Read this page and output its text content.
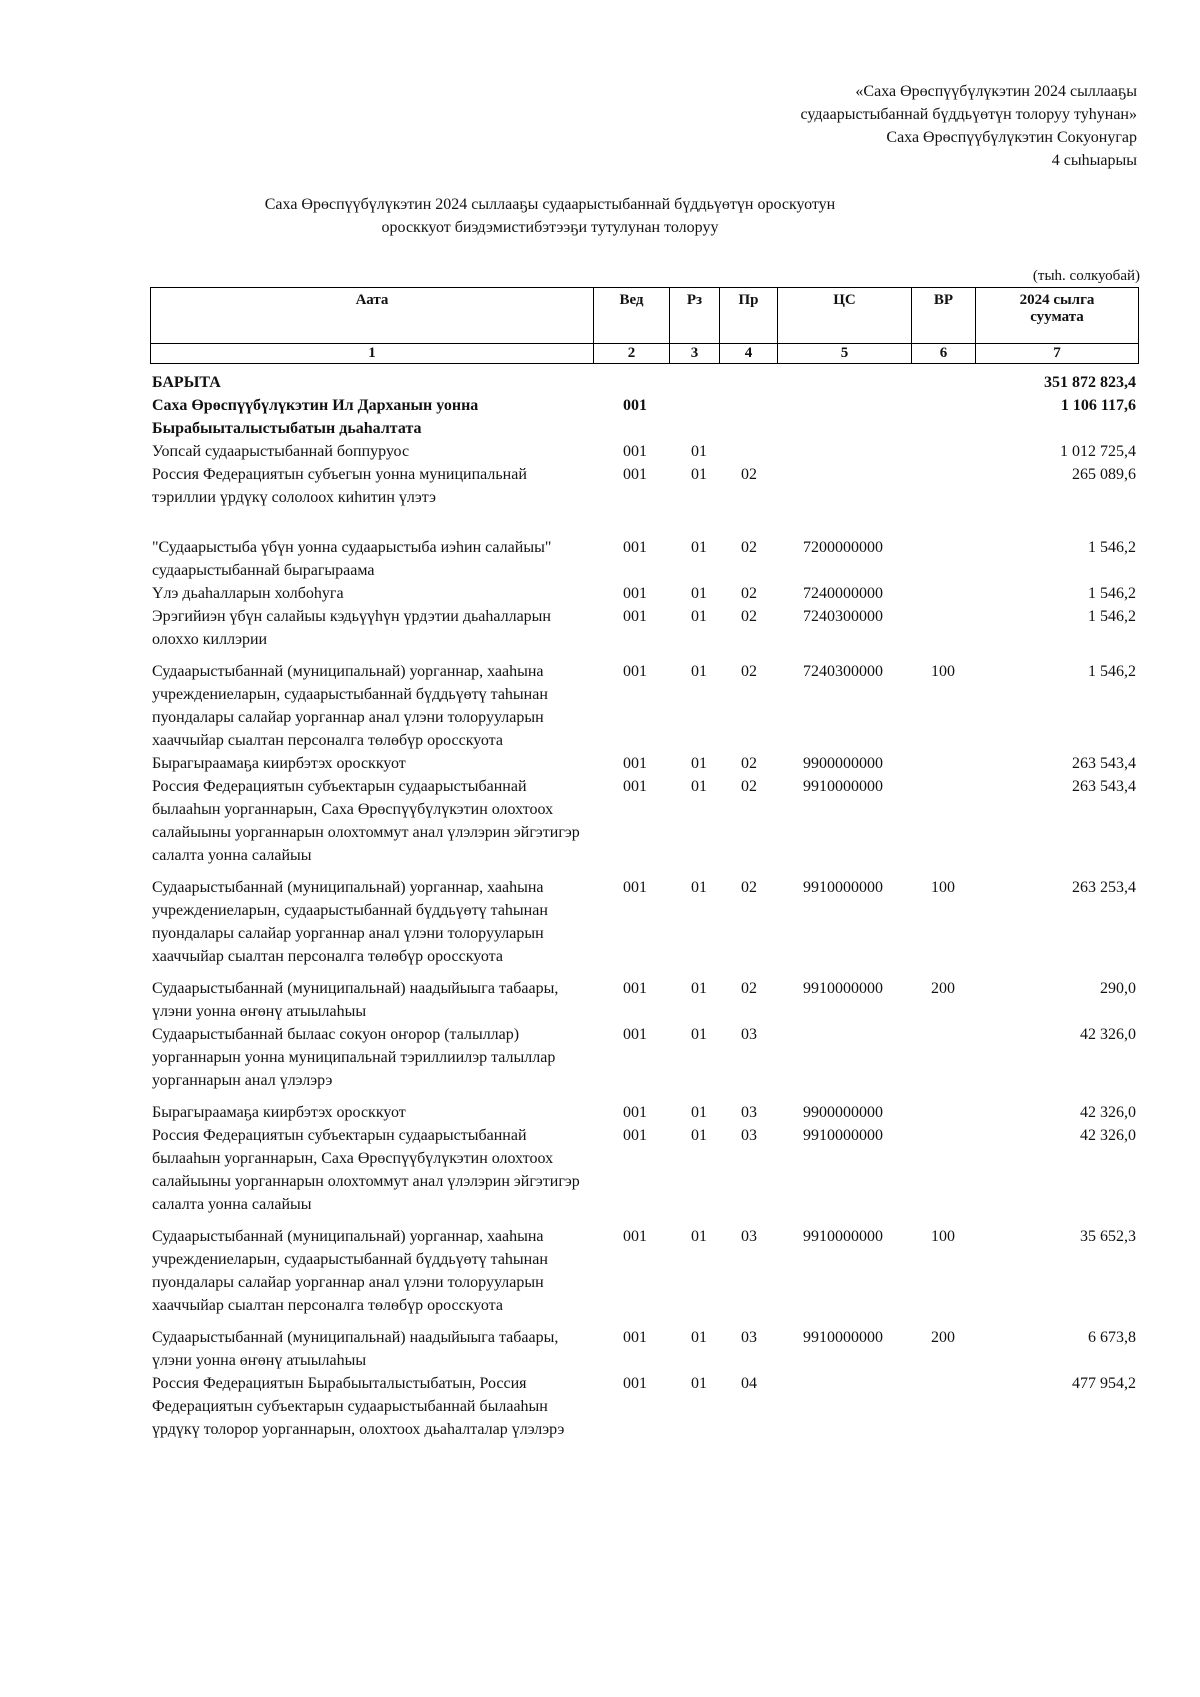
«Саха Өрөспүүбүлүкэтин 2024 сыллааҕы
судаарыстыбаннай бүддьүөтүн толоруу туһунан»
Саха Өрөспүүбүлүкэтин Сокуонугар
4 сыһыарыы
Саха Өрөспүүбүлүкэтин 2024 сыллааҕы судаарыстыбаннай бүддьүөтүн ороскуотун
оросккуот биэдэмистибэтээҕи тутулунан толоруу
(тыһ. солкуобай)
Аата	Вед	Рз	Пр	ЦС	ВР	2024 сылга
суумата

1	2	3	4	5	6	7
БАРЫТА						351 872 823,4
Саха Өрөспүүбүлүкэтин Ил Дарханын уонна Бырабыыталыстыбатын дьаһалтата	001					1 106 117,6
Уопсай судаарыстыбаннай боппуруос	001	01				1 012 725,4
Россия Федерациятын субъегын уонна муниципальнай тэриллии үрдүкү сололоох киһитин үлэтэ	001	01	02			265 089,6
"Судаарыстыба үбүн уонна судаарыстыба иэһин салайыы" судаарыстыбаннай бырагыраама	001	01	02	7200000000		1 546,2
Үлэ дьаһалларын холбоһуга	001	01	02	7240000000		1 546,2
Эрэгийиэн үбүн салайыы кэдьүүһүн үрдэтии дьаһалларын олоххо киллэрии	001	01	02	7240300000		1 546,2
Судаарыстыбаннай (муниципальнай) уорганнар, хааһына учреждениеларын, судаарыстыбаннай бүддьүөтү таһынан пуондалары салайар уорганнар анал үлэни толорууларын хааччыйар сыалтан персоналга төлөбүр оросскуота	001	01	02	7240300000	100	1 546,2
Бырагыраамаҕа киирбэтэх оросккуот	001	01	02	9900000000		263 543,4
Россия Федерациятын субъектарын судаарыстыбаннай былааһын уорганнарын, Саха Өрөспүүбүлүкэтин олохтоох салайыыны уорганнарын олохтоммут анал үлэлэрин эйгэтигэр салалта уонна салайыы	001	01	02	9910000000		263 543,4
Судаарыстыбаннай (муниципальнай) уорганнар, хааһына учреждениеларын, судаарыстыбаннай бүддьүөтү таһынан пуондалары салайар уорганнар анал үлэни толорууларын хааччыйар сыалтан персоналга төлөбүр оросскуота	001	01	02	9910000000	100	263 253,4
Судаарыстыбаннай (муниципальнай) наадыйыыга табаары, үлэни уонна өҥөнү атыылаһыы	001	01	02	9910000000	200	290,0
Судаарыстыбаннай былаас сокуон оҥорор (талыллар) уорганнарын уонна муниципальнай тэриллиилэр талыллар уорганнарын анал үлэлэрэ	001	01	03			42 326,0
Бырагыраамаҕа киирбэтэх оросккуот	001	01	03	9900000000		42 326,0
Россия Федерациятын субъектарын судаарыстыбаннай былааһын уорганнарын, Саха Өрөспүүбүлүкэтин олохтоох салайыыны уорганнарын олохтоммут анал үлэлэрин эйгэтигэр салалта уонна салайыы	001	01	03	9910000000		42 326,0
Судаарыстыбаннай (муниципальнай) уорганнар, хааһына учреждениеларын, судаарыстыбаннай бүддьүөтү таһынан пуондалары салайар уорганнар анал үлэни толорууларын хааччыйар сыалтан персоналга төлөбүр оросскуота	001	01	03	9910000000	100	35 652,3
Судаарыстыбаннай (муниципальнай) наадыйыыга табаары, үлэни уонна өҥөнү атыылаһыы	001	01	03	9910000000	200	6 673,8
Россия Федерациятын Бырабыыталыстыбатын, Россия Федерациятын субъектарын судаарыстыбаннай былааһын үрдүкү толорор уорганнарын, олохтоох дьаһалталар үлэлэрэ	001	01	04			477 954,2
